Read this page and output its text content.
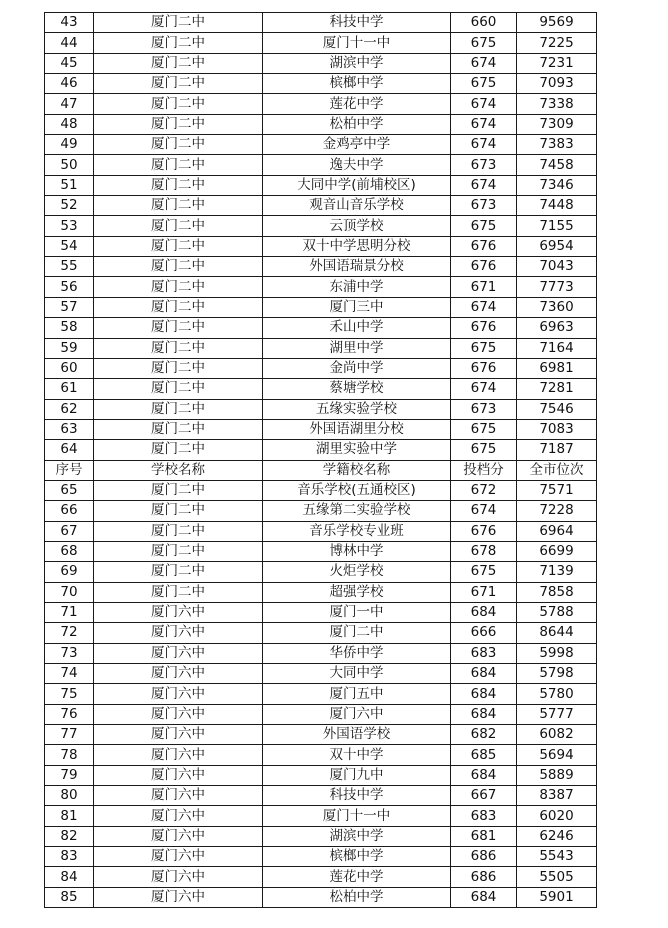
43	厦门二中	科技中学	660	9569
44	厦门二中	厦门十一中	675	7225
45	厦门二中	湖滨中学	674	7231
46	厦门二中	槟榔中学	675	7093
47	厦门二中	莲花中学	674	7338
48	厦门二中	松柏中学	674	7309
49	厦门二中	金鸡亭中学	674	7383
50	厦门二中	逸夫中学	673	7458
51	厦门二中	大同中学(前埔校区)	674	7346
52	厦门二中	观音山音乐学校	673	7448
53	厦门二中	云顶学校	675	7155
54	厦门二中	双十中学思明分校	676	6954
55	厦门二中	外国语瑞景分校	676	7043
56	厦门二中	东浦中学	671	7773
57	厦门二中	厦门三中	674	7360
58	厦门二中	禾山中学	676	6963
59	厦门二中	湖里中学	675	7164
60	厦门二中	金尚中学	676	6981
61	厦门二中	蔡塘学校	674	7281
62	厦门二中	五缘实验学校	673	7546
63	厦门二中	外国语湖里分校	675	7083
64	厦门二中	湖里实验中学	675	7187
序号	学校名称	学籍校名称	投档分	全市位次
65	厦门二中	音乐学校(五通校区)	672	7571
66	厦门二中	五缘第二实验学校	674	7228
67	厦门二中	音乐学校专业班	676	6964
68	厦门二中	博林中学	678	6699
69	厦门二中	火炬学校	675	7139
70	厦门二中	超强学校	671	7858
71	厦门六中	厦门一中	684	5788
72	厦门六中	厦门二中	666	8644
73	厦门六中	华侨中学	683	5998
74	厦门六中	大同中学	684	5798
75	厦门六中	厦门五中	684	5780
76	厦门六中	厦门六中	684	5777
77	厦门六中	外国语学校	682	6082
78	厦门六中	双十中学	685	5694
79	厦门六中	厦门九中	684	5889
80	厦门六中	科技中学	667	8387
81	厦门六中	厦门十一中	683	6020
82	厦门六中	湖滨中学	681	6246
83	厦门六中	槟榔中学	686	5543
84	厦门六中	莲花中学	686	5505
85	厦门六中	松柏中学	684	5901
